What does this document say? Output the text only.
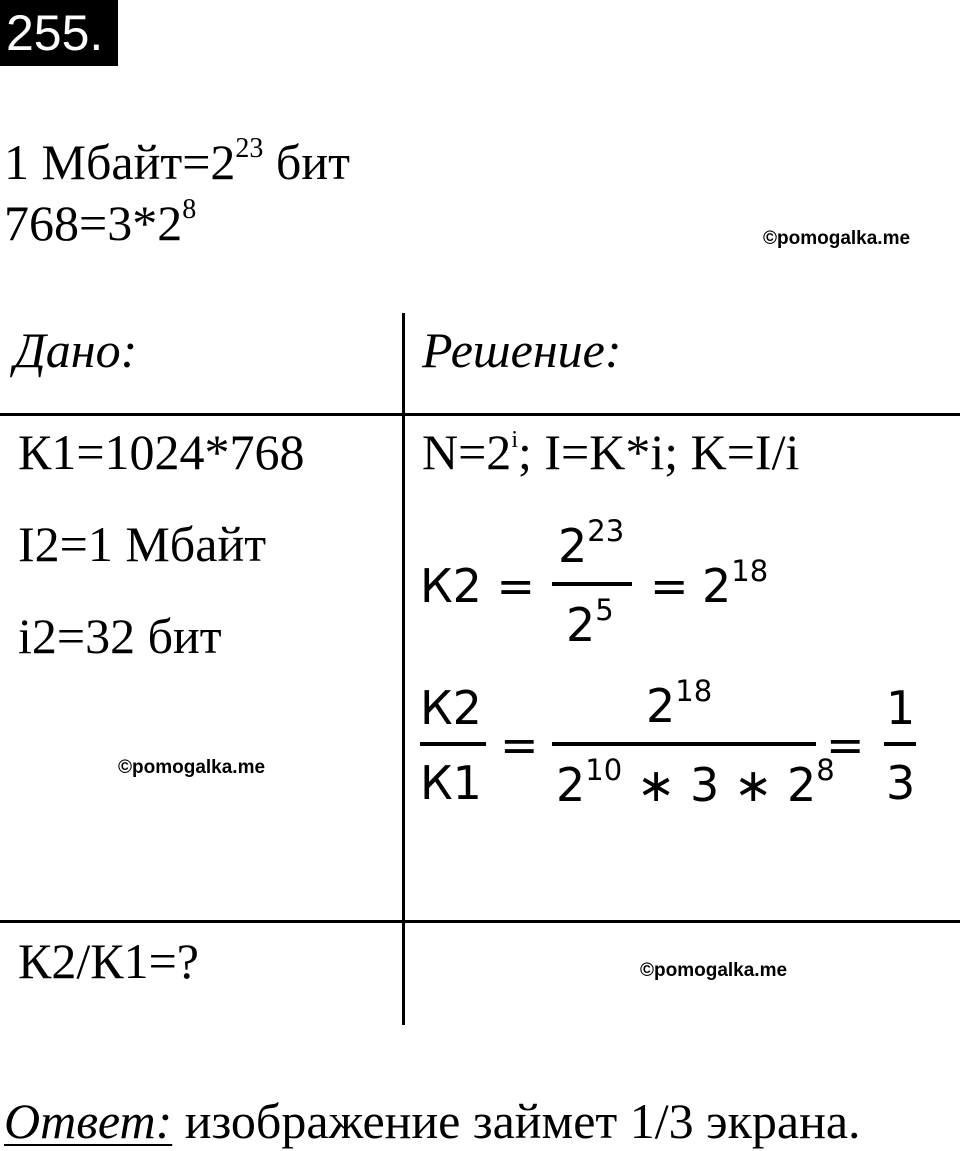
255.
1 $Мбайт=2^{23}$ бит
$768=3*2^8$
©pomogalka.me
Дано:	Решение:
К1=1024*768
I2=1 Мбайт
i2=32 бит
©pomogalka.me
К2/К1=?
$N=2^i$; I=K*i; K=I/i
К2 =
$2^{23}$
$2^5 = 2^{18}$
К2
К1
=
$2^{18}$
$2^{10}$ ∗ 3 ∗ $2^8$
=
1
3
©pomogalka.me
Ответ: изображение займет 1/3 экрана.
